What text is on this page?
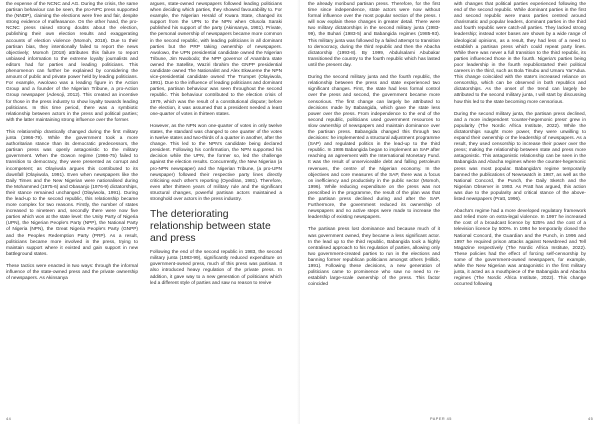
the expense of the NCNC and AG. During the crisis, the same partisan behaviour can be seen, the pro-NPC press supported the (NNDP), claiming the elections were free and fair, despite strong evidence of malfeasance. On the other hand, the pro-NCNC press raised strong doubts about the election, publishing their own election results and exaggerating accounts of election violence (Momoh, 2018). Due to their partisan bias, they intentionally failed to report the news objectively; Momoh (2018) attributes this failure to report unbiased information to the extreme loyalty journalists and editors had for parties and leading politicians. This phenomenon can further be explained by considering the amount of public and private power held by leading politicians. For example, Awolowo was a leading figure in the Action Group and a founder of the Nigerian Tribune, a pro-Action Group newspaper (Adesoji, 2012). This created an incentive for those in the press industry to show loyalty towards leading politicians. In this time period, there was a symbiotic relationship between actors in the press and political parties; with the latter maintaining strong influence over the former.

This relationship drastically changed during the first military junta (1966-79). While the government took a more authoritarian stance than its democratic predecessors, the partisan press was openly antagonistic to the military government. When the Gowon regime (1966-75) failed to transition to democracy, they were presented as corrupt and incompetent; as Olayiwola argues this contributed to its downfall (Olayiwola, 1991). Even when newspapers like the Daily Times and the New Nigerian were nationalised during the Mohammed (1975-6) and Obasanjo (1976-9) dictatorships, their stance remained unchanged (Olayiwola, 1991). During the lead-up to the second republic, this relationship became more complex for two reasons. Firstly, the number of states increased to nineteen and, secondly there were now five parties which won at the state level: the Unity Party of Nigeria (UPN), the Nigerian People's Party (NPP), the National Party of Nigeria (NPN), the Great Nigeria People's Party (GNPP) and the Peoples Redemption Party (PRP). As a result, politicians became more involved in the press, trying to maintain support where it existed and gain support in new battleground states.

These tactics were enacted in two ways: through the informal influence of the state-owned press and the private ownership of newspapers. As Akinsanya

argues, state-owned newspapers followed leading politicians when deciding which parties, they showed favourability to. For example, the Nigerian Herald of Kwara State, changed its support from the UPN to the NPN when Olusola Saraki published his support of the party (Akinsanya, 1981). Private, the personal ownership of newspapers became more common in the second republic, with leading politicians in all dominant parties but the PRP taking ownership of newspapers. Awolowo, the UPN presidential candidate owned the Nigerian Tribune, Jim Nwobodo; the NPP governor of Anambra state owned the Satellite, Waziri Ibrahim the GNPP presidential candidate owned The Nationalist and Alex Ekwueme the NPN vice-presidential candidate owned The Trumpet (Olayiwola, 1991). Due to the influence of leading politicians and dominant parties, partisan behaviour was seen throughout the second republic. This behaviour contributed to the election crisis of 1979, which was the result of a constitutional dispute; before the election, it was assumed that a president needed a least one-quarter of votes in thirteen states.

However, as the NPN won one-quarter of votes in only twelve states, the standard was changed to one quarter of the votes in twelve states and two-thirds of a quarter in another, after the change. This led to the NPN's candidate being declared president. Following his confirmation, the NPN supported his decision while the UPN, the former so, led the challenge against the election results. Concurrently, the New Nigerian (a pro-NPN newspaper) and the Nigerian Tribune, (a pro-UPN newspaper) followed their respective party lines directly criticising each other's reporting (Oyediran, 1981). Therefore, even after thirteen years of military rule and the significant structural changes, powerful partisan actors maintained a stronghold over actors in the press industry.

The deteriorating relationship between state and press

Following the end of the second republic in 1983, the second military junta (1983-99), significantly reduced expenditure on government-owned press, much of this press was partisan. It also introduced heavy regulation of the private press. In addition, it gave way to a new generation of politicians which led a different style of parties and saw no reason to revive

44

the already moribund partisan press. Therefore, for the first time since independence, state actors were now without formal influence over the most popular section of the press. I will now explain these changes in greater detail. There were two military dictatorships in the second military junta (1983-99), the Buhari (1983-5) and Babangida regimes (1985-93). This military junta was followed by a failed attempt to transition to democracy, during the third republic and then the Abacha dictatorship (1993-8). By 1999, Abdulsalami Abubakar transitioned the country to the fourth republic which has lasted until the present day.

During the second military junta and the fourth republic, the relationship between the press and state experienced two significant changes. First, the state had less formal control over the press and second, the government became more censorious. The first change can largely be attributed to decisions made by Babangida, which gave the state less power over the press. From independence to the end of the second republic, politicians used government resources to slow ownership of newspapers and maintain dominance over the partisan press. Babangida changed this through two decisions: he implemented a structural adjustment programme (SAP) and regulated politics in the lead-up to the third republic. In 1986 Babangida began to implement an SAP after reaching an agreement with the International Monetary Fund. It was the result of unserviceable debt and falling petroleum revenues, the centre of the Nigerian economy. In the objectives and core measures of the SAP, there was a focus on inefficiency and productivity in the public sector (Momoh, 1996). While reducing expenditure on the press was not prescribed in the programme, the result of the plan was that the partisan press declined during and after the SAP. Furthermore, the government reduced its ownership of newspapers and no active steps were made to increase the leadership of existing newspapers.

The partisan press lost dominance and because much of it was government owned, they became a less significant actor. In the lead up to the third republic, Babangida took a highly centralised approach to his regulation of parties, allowing only two government-created parties to run in the elections and banning former republican politicians amongst others (Hillick, 1991). Following these decisions, a new generation of politicians came to prominence who saw no need to re-establish large-scale ownership of the press. This factor coincided

with changes that political parties experienced following the end of the second republic. While dominant parties in the first and second republic were mass parties centred around charismatic and popular leaders, dominant parties in the third and fourth republic were catch-all parties. They lacked strong leadership; instead voter bases are shown by a wide range of ideological opinions, as a result, they had less of a need to establish a partisan press which could repeat party lines. While there was never a full transition to the third republic, its parties influenced those in the fourth. Nigeria's parties being poor leadership in the fourth republicstarted their political careers in the third, such as Bola Tinubu and Umaru Yar'Adua. This change coincided with the state's increased reliance on censorship, which can be observed in both republics and dictatorships. As the onset of the trend can largely be attributed to the second military junta, I will start by discussing how this led to the state becoming more censorious.

During the second military junta, the partisan press declined, and a more independent 'counter-hegemonic press' grew in popularity (The Nordic Africa Institute, 2022). While the dictatorships sought more power, they were unwilling to expand their ownership or the leadership of newspapers. As a result, they used censorship to increase their power over the press; making the relationship between state and press more antagonistic. This antagonistic relationship can be seen in the Babangida and Abacha regimes where the counter-hegemonic press was most popular. Babangida's regime temporarily banned the publications of Newswatch in 1987, as well as the National Concord, the Punch, the Daily Sketch and the Nigerian Observer in 1993. As Pratt has argued, this action was due to the popularity and critical stance of the above-listed newspapers (Pratt, 1996).

Abacha's regime had a more developed regulatory framework and relied more on extra-legal violence. In 1997 he increased the cost of a broadcast licence by 525% and the cost of a television licence by 500%. In 1994 he temporarily closed the National Concord, the Guardian and the Punch, in 1996 and 1997 he required prison attacks against Newsbreed and Tell Magazine respectively (The Nordic Africa Institute, 2022). These policies had the effect of forcing self-censorship by some of the government-owned newspapers, for example, while the New Nigerian was antagonistic in the first military junta, it acted as a mouthpiece of the Babangida and Abacha regimes (The Nordic Africa Institute, 2022). This change occurred following

PAPER 45	45
